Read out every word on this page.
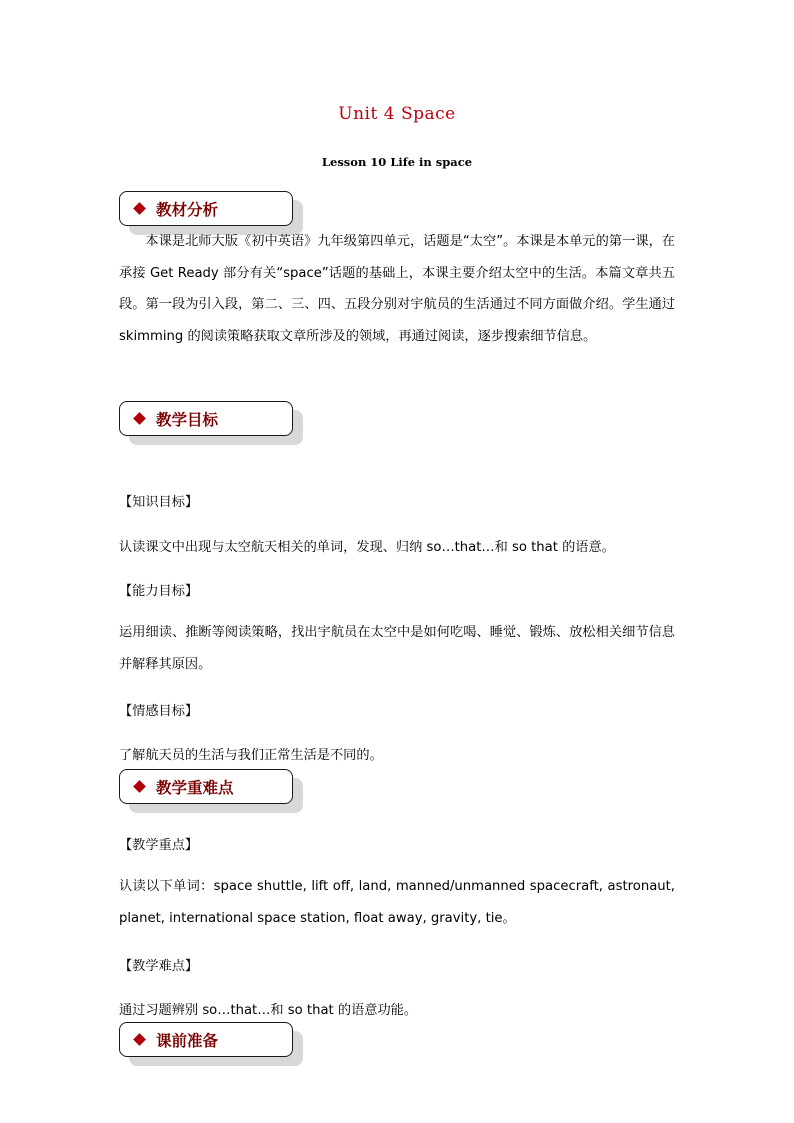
Unit 4 Space
Lesson 10 Life in space
教材分析
本课是北师大版《初中英语》九年级第四单元，话题是“太空”。本课是本单元的第一课，在承接 Get Ready 部分有关“space”话题的基础上，本课主要介绍太空中的生活。本篇文章共五段。第一段为引入段，第二、三、四、五段分别对宇航员的生活通过不同方面做介绍。学生通过 skimming 的阅读策略获取文章所涉及的领域，再通过阅读，逐步搜索细节信息。
教学目标
【知识目标】
认读课文中出现与太空航天相关的单词，发现、归纳 so…that…和 so that 的语意。
【能力目标】
运用细读、推断等阅读策略，找出宇航员在太空中是如何吃喝、睡觉、锻炼、放松相关细节信息并解释其原因。
【情感目标】
了解航天员的生活与我们正常生活是不同的。
教学重难点
【教学重点】
认读以下单词：space shuttle, lift off, land, manned/unmanned spacecraft, astronaut, planet, international space station, float away, gravity, tie。
【教学难点】
通过习题辨别 so…that…和 so that 的语意功能。
课前准备
